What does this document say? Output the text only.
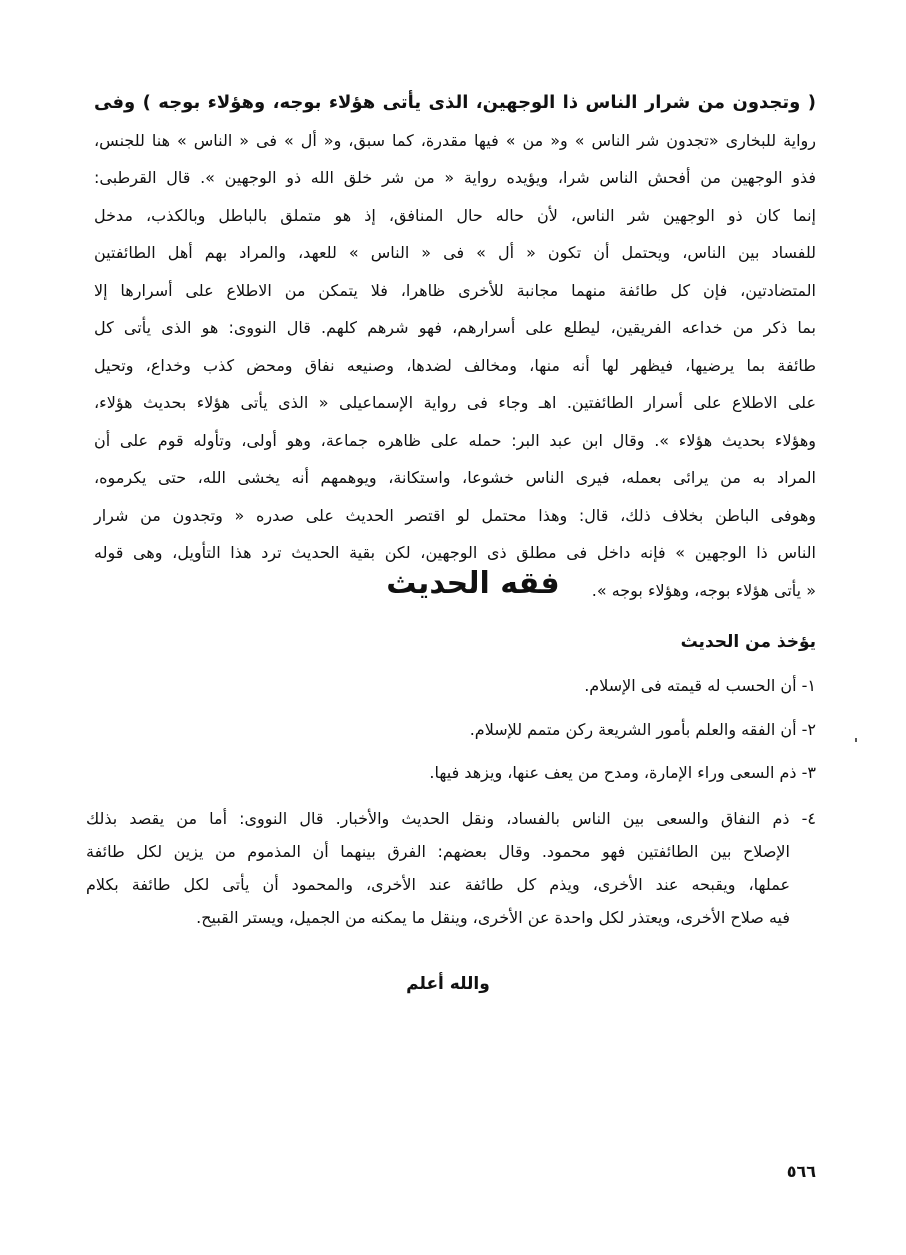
( وتجدون من شرار الناس ذا الوجهين، الذى يأتى هؤلاء بوجه، وهؤلاء بوجه ) وفى
رواية للبخارى «تجدون شر الناس » و« من » فيها مقدرة، كما سبق، و« أل » فى « الناس » هنا للجنس،
فذو الوجهين من أفحش الناس شرا، ويؤيده رواية « من شر خلق الله ذو الوجهين ». قال القرطبى:
إنما كان ذو الوجهين شر الناس، لأن حاله حال المنافق، إذ هو متملق بالباطل وبالكذب، مدخل
للفساد بين الناس، ويحتمل أن تكون « أل » فى « الناس » للعهد، والمراد بهم أهل الطائفتين
المتضادتين، فإن كل طائفة منهما مجانبة للأخرى ظاهرا، فلا يتمكن من الاطلاع على أسرارها إلا
بما ذكر من خداعه الفريقين، ليطلع على أسرارهم، فهو شرهم كلهم. قال النووى: هو الذى يأتى كل
طائفة بما يرضيها، فيظهر لها أنه منها، ومخالف لضدها، وصنيعه نفاق ومحض كذب وخداع، وتحيل
على الاطلاع على أسرار الطائفتين. اهـ وجاء فى رواية الإسماعيلى « الذى يأتى هؤلاء بحديث هؤلاء،
وهؤلاء بحديث هؤلاء ». وقال ابن عبد البر: حمله على ظاهره جماعة، وهو أولى، وتأوله قوم على أن
المراد به من يرائى بعمله، فيرى الناس خشوعا، واستكانة، ويوهمهم أنه يخشى الله، حتى يكرموه،
وهوفى الباطن بخلاف ذلك، قال: وهذا محتمل لو اقتصر الحديث على صدره « وتجدون من شرار
الناس ذا الوجهين » فإنه داخل فى مطلق ذى الوجهين، لكن بقية الحديث ترد هذا التأويل، وهى قوله
« يأتى هؤلاء بوجه، وهؤلاء بوجه ».
فقه الحديث
يؤخذ من الحديث
١- أن الحسب له قيمته فى الإسلام.
٢- أن الفقه والعلم بأمور الشريعة ركن متمم للإسلام.
٣- ذم السعى وراء الإمارة، ومدح من يعف عنها، ويزهد فيها.
٤- ذم النفاق والسعى بين الناس بالفساد، ونقل الحديث والأخبار. قال النووى: أما من يقصد بذلك
الإصلاح بين الطائفتين فهو محمود. وقال بعضهم: الفرق بينهما أن المذموم من يزين لكل طائفة
عملها، ويقبحه عند الأخرى، ويذم كل طائفة عند الأخرى، والمحمود أن يأتى لكل طائفة بكلام
فيه صلاح الأخرى، ويعتذر لكل واحدة عن الأخرى، وينقل ما يمكنه من الجميل، ويستر القبيح.
والله أعلم
٥٦٦
